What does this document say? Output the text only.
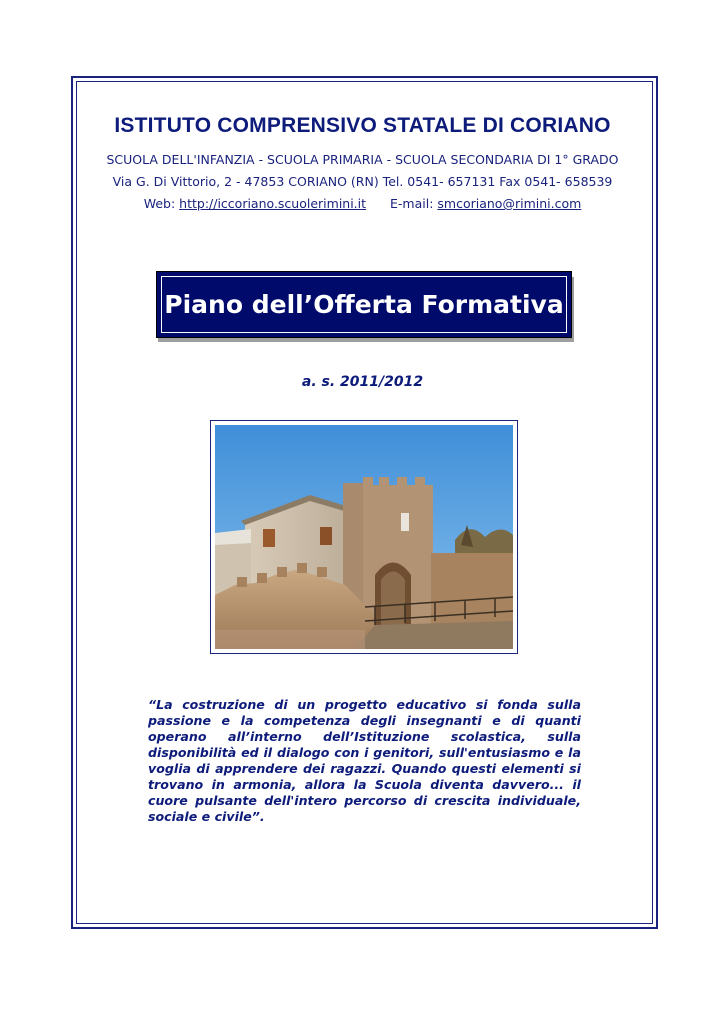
ISTITUTO COMPRENSIVO STATALE DI CORIANO
SCUOLA DELL'INFANZIA - SCUOLA PRIMARIA - SCUOLA SECONDARIA DI 1° GRADO
Via G. Di Vittorio, 2 - 47853 CORIANO (RN) Tel. 0541- 657131 Fax 0541- 658539
Web: http://iccoriano.scuolerimini.it E-mail: smcoriano@rimini.com
Piano dell’Offerta Formativa
a. s. 2011/2012
“La costruzione di un progetto educativo si fonda sulla passione e la competenza degli insegnanti e di quanti operano all’interno dell’Istituzione scolastica, sulla disponibilità ed il dialogo con i genitori, sull'entusiasmo e la voglia di apprendere dei ragazzi. Quando questi elementi si trovano in armonia, allora la Scuola diventa davvero... il cuore pulsante dell'intero percorso di crescita individuale, sociale e civile”.
